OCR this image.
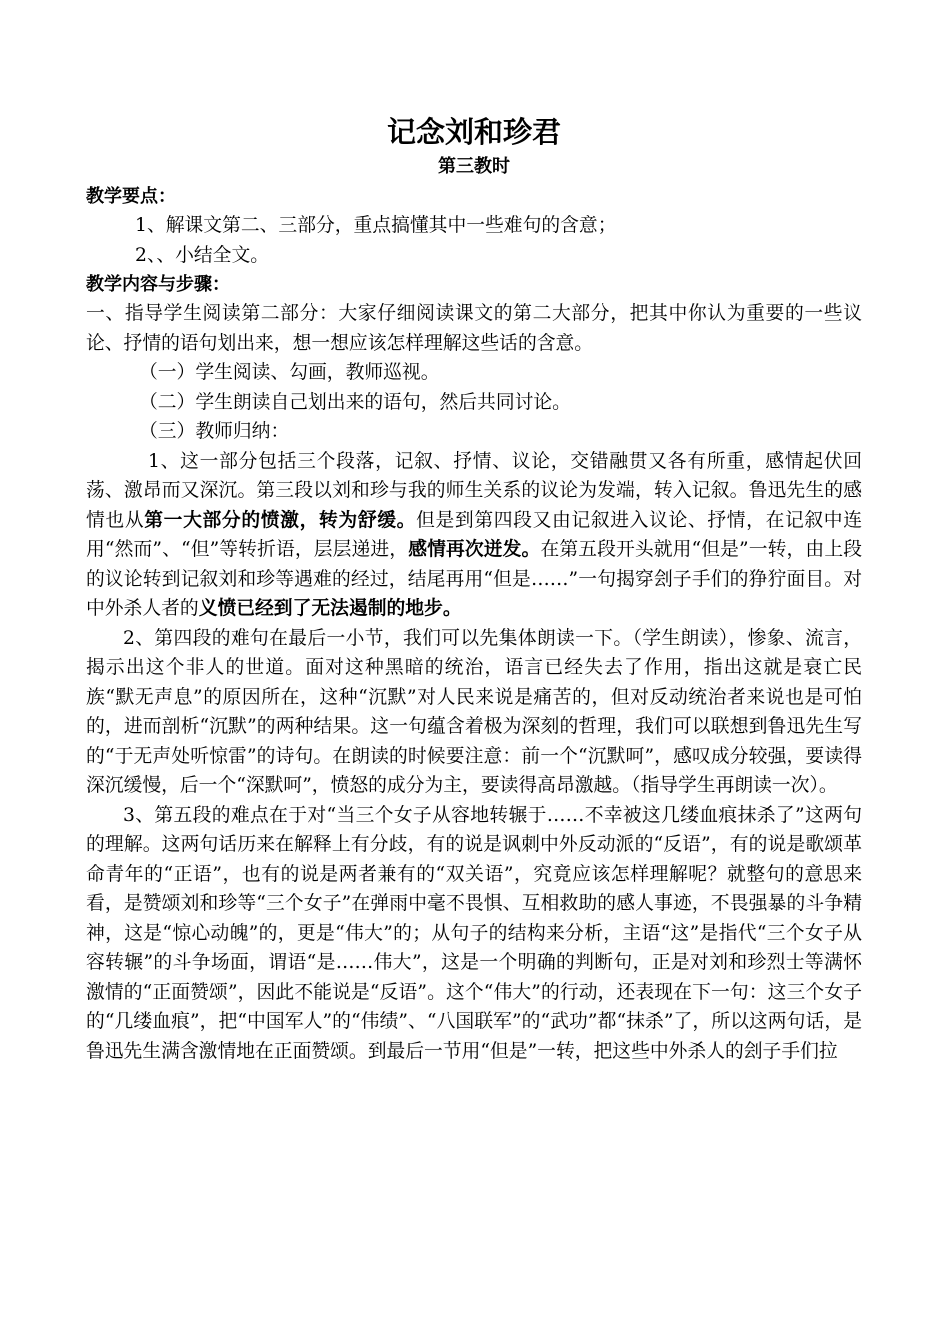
记念刘和珍君
第三教时
教学要点：
1、解课文第二、三部分，重点搞懂其中一些难句的含意；
2、、小结全文。
教学内容与步骤：

一、指导学生阅读第二部分：大家仔细阅读课文的第二大部分，把其中你认为重要的一些议论、抒情的语句划出来，想一想应该怎样理解这些话的含意。

（一）学生阅读、勾画，教师巡视。
（二）学生朗读自己划出来的语句，然后共同讨论。
（三）教师归纳：

1、这一部分包括三个段落，记叙、抒情、议论，交错融贯又各有所重，感情起伏回荡、激昂而又深沉。第三段以刘和珍与我的师生关系的议论为发端，转入记叙。鲁迅先生的感情也从第一大部分的愤激，转为舒缓。但是到第四段又由记叙进入议论、抒情，在记叙中连用“然而”、“但”等转折语，层层递进，感情再次迸发。在第五段开头就用“但是”一转，由上段的议论转到记叙刘和珍等遇难的经过，结尾再用“但是……”一句揭穿刽子手们的狰狞面目。对中外杀人者的义愤已经到了无法遏制的地步。

2、第四段的难句在最后一小节，我们可以先集体朗读一下。（学生朗读），惨象、流言，揭示出这个非人的世道。面对这种黑暗的统治，语言已经失去了作用，指出这就是衰亡民族“默无声息”的原因所在，这种“沉默”对人民来说是痛苦的，但对反动统治者来说也是可怕的，进而剖析“沉默”的两种结果。这一句蕴含着极为深刻的哲理，我们可以联想到鲁迅先生写的“于无声处听惊雷”的诗句。在朗读的时候要注意：前一个“沉默呵”，感叹成分较强，要读得深沉缓慢，后一个“深默呵”，愤怒的成分为主，要读得高昂激越。（指导学生再朗读一次）。

3、第五段的难点在于对“当三个女子从容地转辗于……不幸被这几缕血痕抹杀了”这两句的理解。这两句话历来在解释上有分歧，有的说是讽刺中外反动派的“反语”，有的说是歌颂革命青年的“正语”，也有的说是两者兼有的“双关语”，究竟应该怎样理解呢？就整句的意思来看，是赞颂刘和珍等“三个女子”在弹雨中毫不畏惧、互相救助的感人事迹，不畏强暴的斗争精神，这是“惊心动魄”的，更是“伟大”的；从句子的结构来分析，主语“这”是指代“三个女子从容转辗”的斗争场面，谓语“是……伟大”，这是一个明确的判断句，正是对刘和珍烈士等满怀激情的“正面赞颂”，因此不能说是“反语”。这个“伟大”的行动，还表现在下一句：这三个女子的“几缕血痕”，把“中国军人”的“伟绩”、“八国联军”的“武功”都“抹杀”了，所以这两句话，是鲁迅先生满含激情地在正面赞颂。到最后一节用“但是”一转，把这些中外杀人的刽子手们拉
